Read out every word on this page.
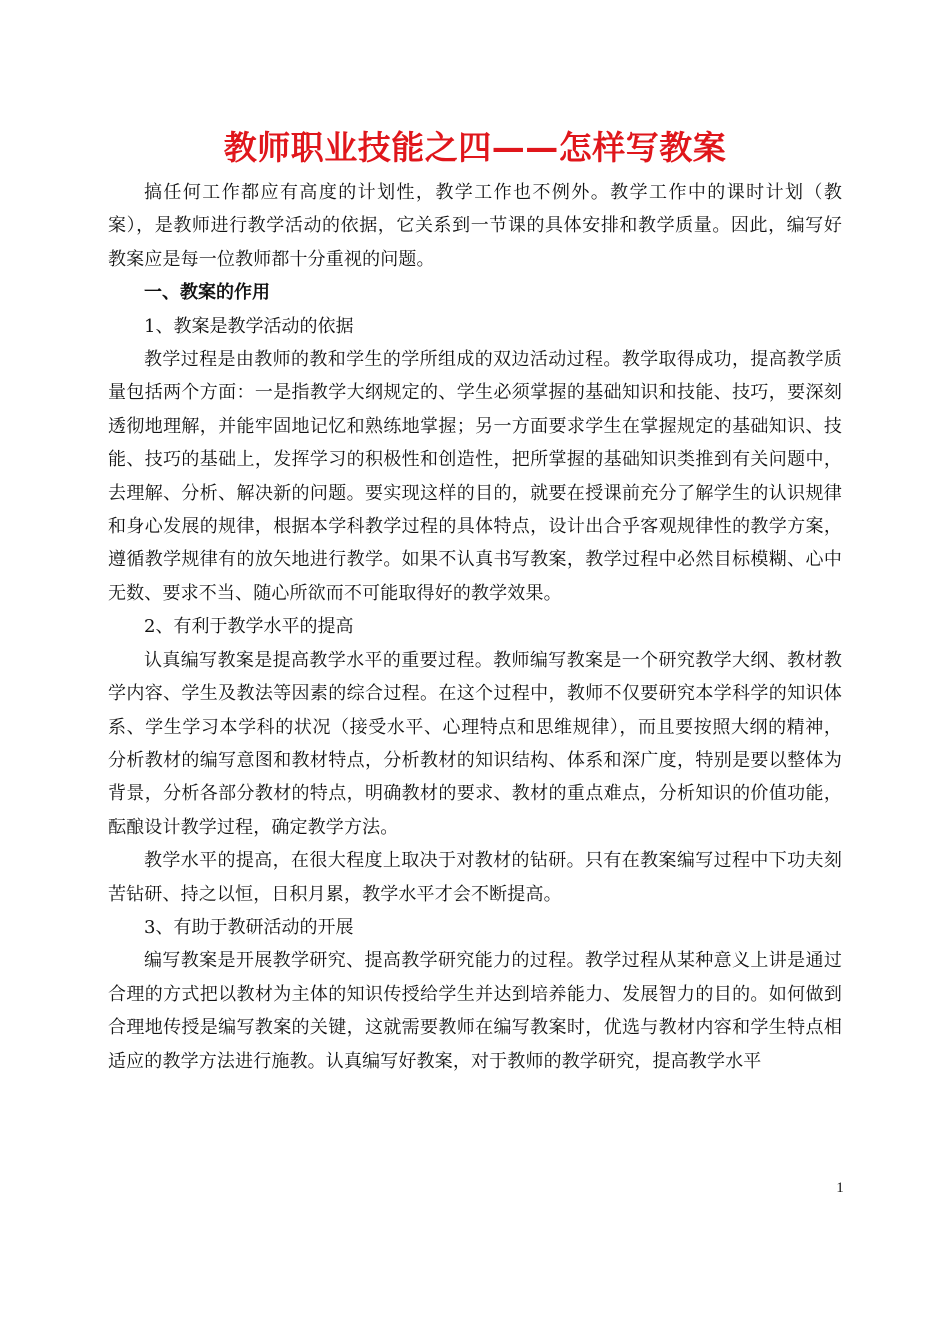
教师职业技能之四——怎样写教案

搞任何工作都应有高度的计划性，教学工作也不例外。教学工作中的课时计划（教案），是教师进行教学活动的依据，它关系到一节课的具体安排和教学质量。因此，编写好教案应是每一位教师都十分重视的问题。

一、教案的作用

1、教案是教学活动的依据

教学过程是由教师的教和学生的学所组成的双边活动过程。教学取得成功，提高教学质量包括两个方面：一是指教学大纲规定的、学生必须掌握的基础知识和技能、技巧，要深刻透彻地理解，并能牢固地记忆和熟练地掌握；另一方面要求学生在掌握规定的基础知识、技能、技巧的基础上，发挥学习的积极性和创造性，把所掌握的基础知识类推到有关问题中，去理解、分析、解决新的问题。要实现这样的目的，就要在授课前充分了解学生的认识规律和身心发展的规律，根据本学科教学过程的具体特点，设计出合乎客观规律性的教学方案，遵循教学规律有的放矢地进行教学。如果不认真书写教案，教学过程中必然目标模糊、心中无数、要求不当、随心所欲而不可能取得好的教学效果。

2、有利于教学水平的提高

认真编写教案是提高教学水平的重要过程。教师编写教案是一个研究教学大纲、教材教学内容、学生及教法等因素的综合过程。在这个过程中，教师不仅要研究本学科学的知识体系、学生学习本学科的状况（接受水平、心理特点和思维规律），而且要按照大纲的精神，分析教材的编写意图和教材特点，分析教材的知识结构、体系和深广度，特别是要以整体为背景，分析各部分教材的特点，明确教材的要求、教材的重点难点，分析知识的价值功能，酝酿设计教学过程，确定教学方法。

教学水平的提高，在很大程度上取决于对教材的钻研。只有在教案编写过程中下功夫刻苦钻研、持之以恒，日积月累，教学水平才会不断提高。

3、有助于教研活动的开展

编写教案是开展教学研究、提高教学研究能力的过程。教学过程从某种意义上讲是通过合理的方式把以教材为主体的知识传授给学生并达到培养能力、发展智力的目的。如何做到合理地传授是编写教案的关键，这就需要教师在编写教案时，优选与教材内容和学生特点相适应的教学方法进行施教。认真编写好教案，对于教师的教学研究，提高教学水平

1
